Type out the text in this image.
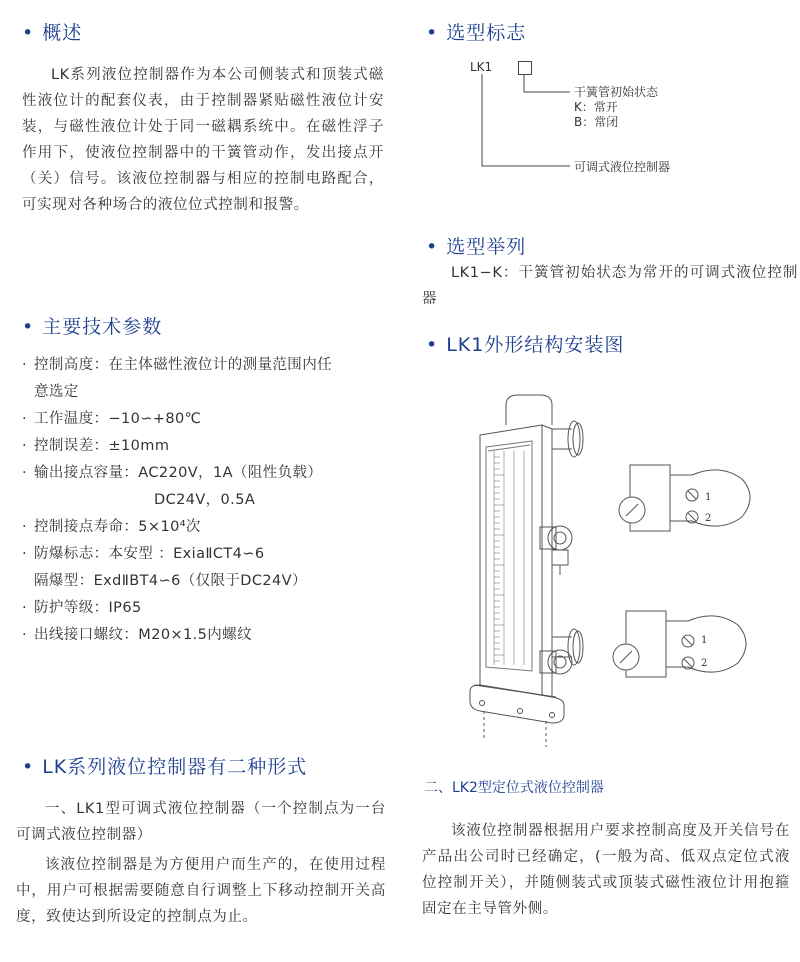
• 概述

LK系列液位控制器作为本公司侧装式和顶装式磁性液位计的配套仪表，由于控制器紧贴磁性液位计安装，与磁性液位计处于同一磁耦系统中。在磁性浮子作用下，使液位控制器中的干簧管动作，发出接点开（关）信号。该液位控制器与相应的控制电路配合，可实现对各种场合的液位位式控制和报警。

• 主要技术参数
· 控制高度：在主体磁性液位计的测量范围内任
意选定
· 工作温度：−10∽+80℃
· 控制误差：±10mm
· 输出接点容量：AC220V，1A（阻性负载）
DC24V，0.5A
· 控制接点寿命：5×10⁴次
· 防爆标志：本安型 ：ExiaⅡCT4∽6
隔爆型：ExdⅡBT4∽6（仅限于DC24V）
· 防护等级：IP65
· 出线接口螺纹：M20×1.5内螺纹
• LK系列液位控制器有二种形式

一、LK1型可调式液位控制器（一个控制点为一台可调式液位控制器）

该液位控制器是为方便用户而生产的，在使用过程中，用户可根据需要随意自行调整上下移动控制开关高度，致使达到所设定的控制点为止。

• 选型标志
LK1
干簧管初始状态
K：常开
B：常闭
可调式液位控制器
• 选型举列

LK1−K：干簧管初始状态为常开的可调式液位控制器

• LK1外形结构安装图
1
2
1
2
二、LK2型定位式液位控制器

该液位控制器根据用户要求控制高度及开关信号在产品出公司时已经确定，(一般为高、低双点定位式液位控制开关），并随侧装式或顶装式磁性液位计用抱箍固定在主导管外侧。
